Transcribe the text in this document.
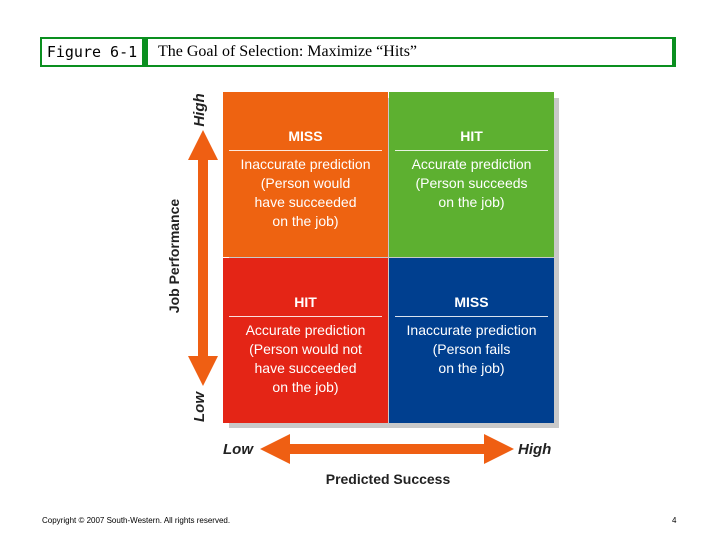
Figure 6-1	The Goal of Selection: Maximize “Hits”
MISS
Inaccurate prediction
(Person would
have succeeded
on the job)
HIT
Accurate prediction
(Person succeeds
on the job)
HIT
Accurate prediction
(Person would not
have succeeded
on the job)
MISS
Inaccurate prediction
(Person fails
on the job)
High
Job Performance
Low
Low	High
Predicted Success
Copyright © 2007 South-Western. All rights reserved.	4
